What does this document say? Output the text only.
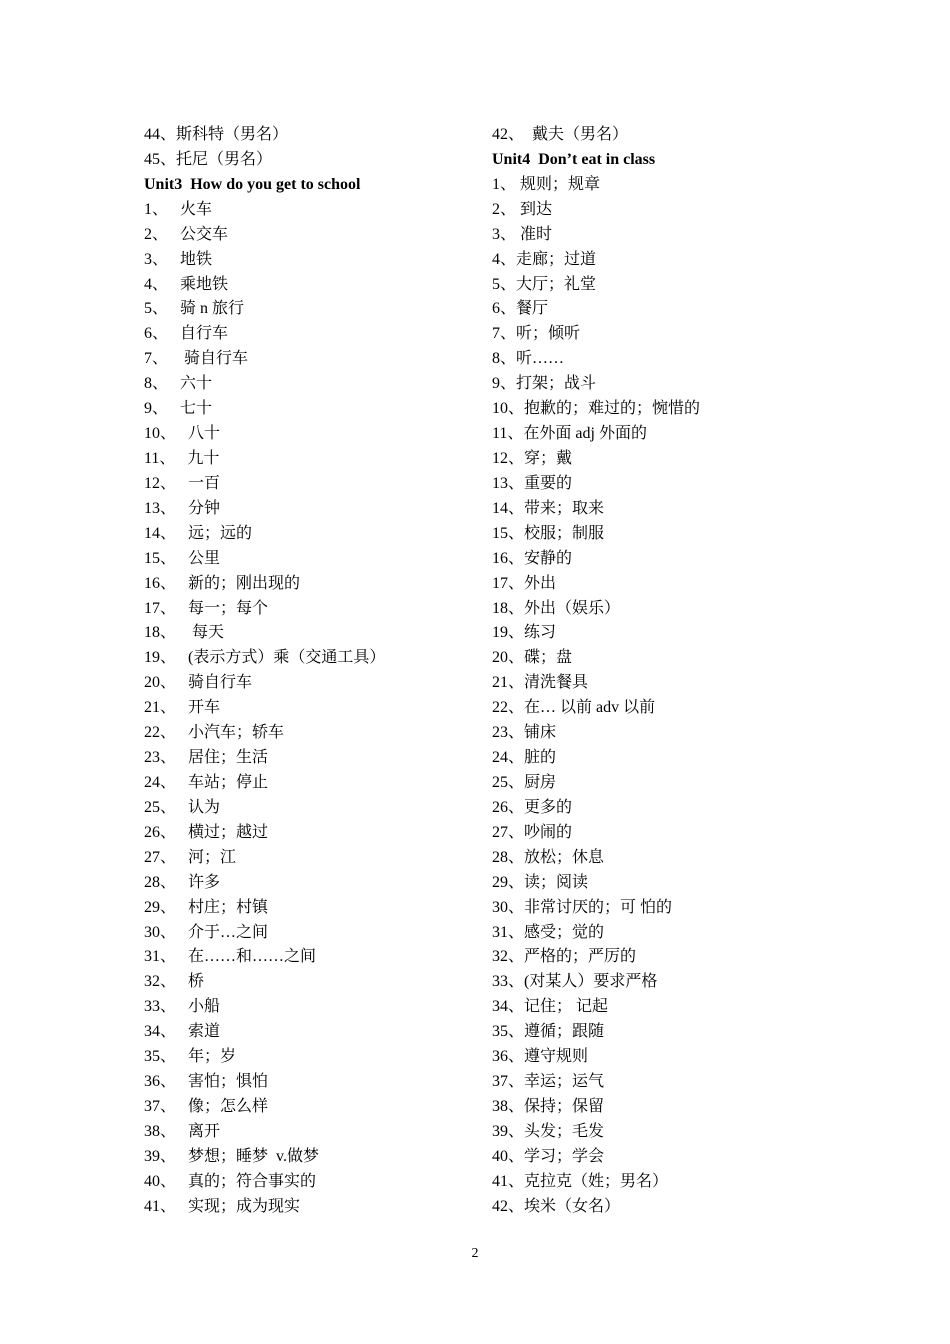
44、斯科特（男名）
45、托尼（男名）
Unit3  How do you get to school
1、   火车
2、   公交车
3、   地铁
4、   乘地铁
5、   骑 n 旅行
6、   自行车
7、    骑自行车
8、   六十
9、   七十
10、   八十
11、   九十
12、   一百
13、   分钟
14、   远；远的
15、   公里
16、   新的；刚出现的
17、   每一；每个
18、    每天
19、   (表示方式）乘（交通工具）
20、   骑自行车
21、   开车
22、   小汽车；轿车
23、   居住；生活
24、   车站；停止
25、   认为
26、   横过；越过
27、   河；江
28、   许多
29、   村庄；村镇
30、   介于…之间
31、   在……和……之间
32、   桥
33、   小船
34、   索道
35、   年；岁
36、   害怕；惧怕
37、   像；怎么样
38、   离开
39、   梦想；睡梦  v.做梦
40、   真的；符合事实的
41、   实现；成为现实
42、  戴夫（男名）
Unit4  Don’t eat in class
1、 规则；规章
2、 到达
3、 准时
4、走廊；过道
5、大厅；礼堂
6、餐厅
7、听；倾听
8、听……
9、打架；战斗
10、抱歉的；难过的；惋惜的
11、在外面 adj 外面的
12、穿；戴
13、重要的
14、带来；取来
15、校服；制服
16、安静的
17、外出
18、外出（娱乐）
19、练习
20、碟；盘
21、清洗餐具
22、在… 以前 adv 以前
23、铺床
24、脏的
25、厨房
26、更多的
27、吵闹的
28、放松；休息
29、读；阅读
30、非常讨厌的；可 怕的
31、感受；觉的
32、严格的；严厉的
33、(对某人）要求严格
34、记住； 记起
35、遵循；跟随
36、遵守规则
37、幸运；运气
38、保持；保留
39、头发；毛发
40、学习；学会
41、克拉克（姓；男名）
42、埃米（女名）
2
